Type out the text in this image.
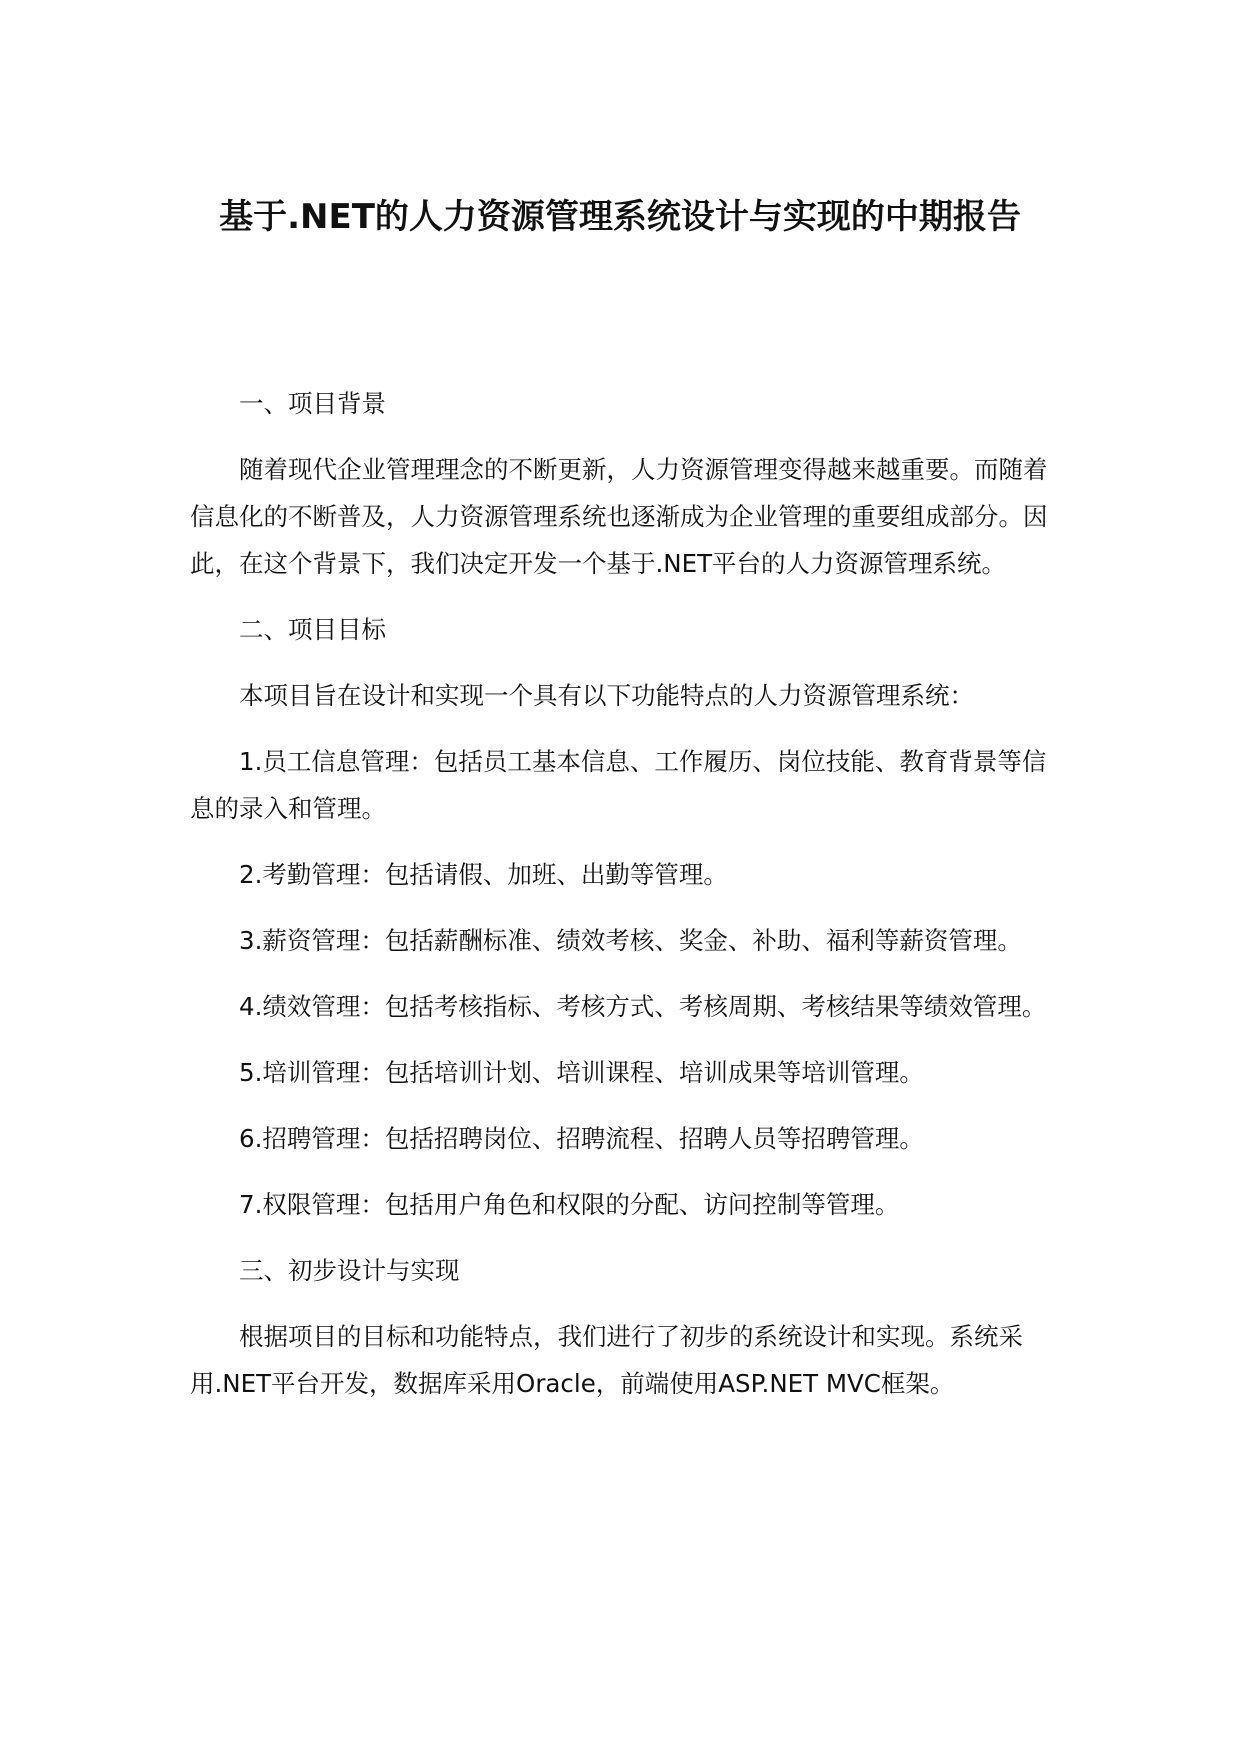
基于.NET的人力资源管理系统设计与实现的中期报告

一、项目背景

随着现代企业管理理念的不断更新，人力资源管理变得越来越重要。而随着信息化的不断普及，人力资源管理系统也逐渐成为企业管理的重要组成部分。因此，在这个背景下，我们决定开发一个基于.NET平台的人力资源管理系统。

二、项目目标

本项目旨在设计和实现一个具有以下功能特点的人力资源管理系统：

1.员工信息管理：包括员工基本信息、工作履历、岗位技能、教育背景等信息的录入和管理。

2.考勤管理：包括请假、加班、出勤等管理。

3.薪资管理：包括薪酬标准、绩效考核、奖金、补助、福利等薪资管理。

4.绩效管理：包括考核指标、考核方式、考核周期、考核结果等绩效管理。

5.培训管理：包括培训计划、培训课程、培训成果等培训管理。

6.招聘管理：包括招聘岗位、招聘流程、招聘人员等招聘管理。

7.权限管理：包括用户角色和权限的分配、访问控制等管理。

三、初步设计与实现

根据项目的目标和功能特点，我们进行了初步的系统设计和实现。系统采用.NET平台开发，数据库采用Oracle，前端使用ASP.NET MVC框架。
